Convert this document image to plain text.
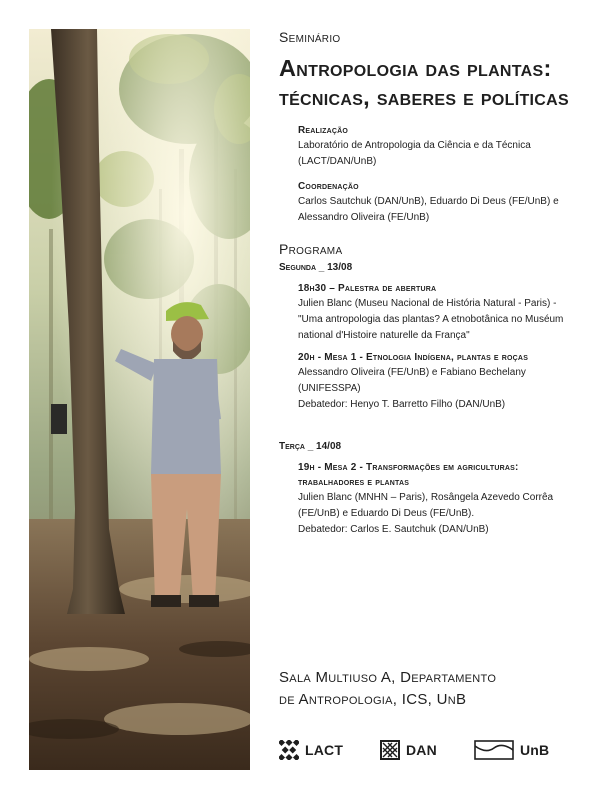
Seminário

Antropologia das plantas: técnicas, saberes e políticas

Realização

Laboratório de Antropologia da Ciência e da Técnica (LACT/DAN/UnB)

Coordenação

Carlos Sautchuk (DAN/UnB), Eduardo Di Deus (FE/UnB) e Alessandro Oliveira (FE/UnB)

Programa

Segunda _ 13/08

18h30 – Palestra de abertura

Julien Blanc (Museu Nacional de História Natural - Paris) - "Uma antropologia das plantas? A etnobotânica no Muséum national d'Histoire naturelle da França"

20h - Mesa 1 - Etnologia Indígena, plantas e roças

Alessandro Oliveira (FE/UnB) e Fabiano Bechelany (UNIFESSPA)

Debatedor: Henyo T. Barretto Filho (DAN/UnB)

Terça _ 14/08

19h - Mesa 2 - Transformações em agriculturas: trabalhadores e plantas

Julien Blanc (MNHN – Paris), Rosângela Azevedo Corrêa (FE/UnB) e Eduardo Di Deus (FE/UnB).

Debatedor: Carlos E. Sautchuk (DAN/UnB)

Sala Multiuso A, Departamento
de Antropologia, ICS, UnB
LACT	DAN	UnB
